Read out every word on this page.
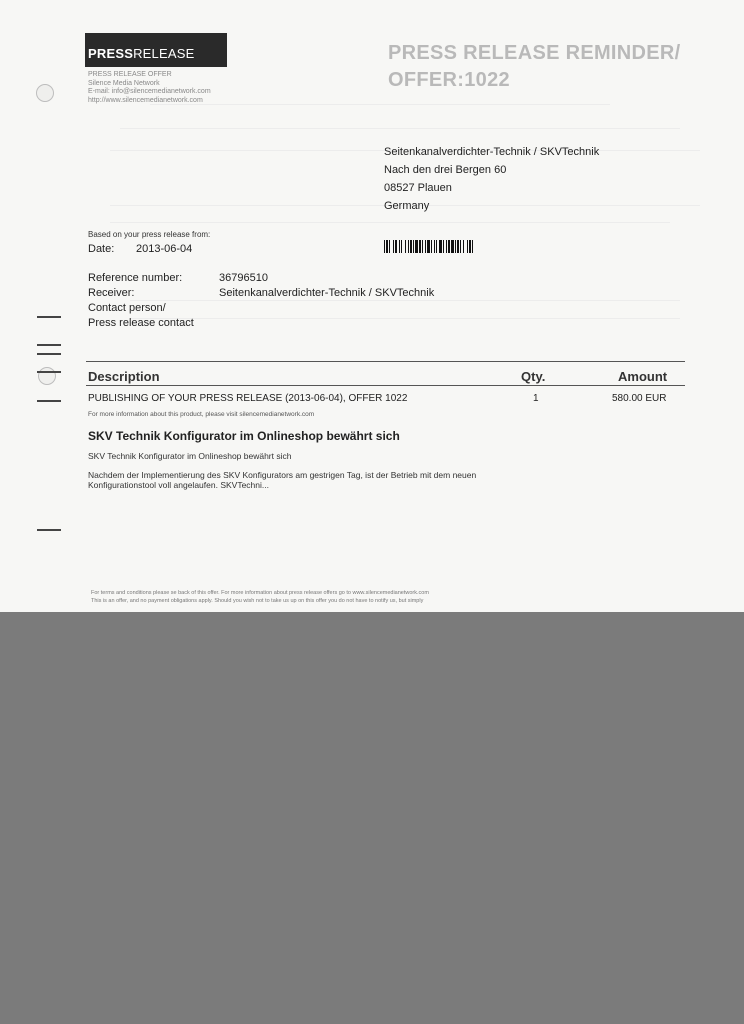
PRESSRELEASE
PRESS RELEASE OFFER
Silence Media Network
E-mail: info@silencemedianetwork.com
http://www.silencemedianetwork.com
PRESS RELEASE REMINDER/
OFFER:1022
Seitenkanalverdichter-Technik / SKVTechnik
Nach den drei Bergen 60
08527 Plauen
Germany
Based on your press release from:
Date: 2013-06-04
Reference number:	36796510
Receiver:	Seitenkanalverdichter-Technik / SKVTechnik
Contact person/
Press release contact
Description	Qty.	Amount
PUBLISHING OF YOUR PRESS RELEASE (2013-06-04), OFFER 1022	1	580.00 EUR
For more information about this product, please visit silencemedianetwork.com
SKV Technik Konfigurator im Onlineshop bewährt sich
SKV Technik Konfigurator im Onlineshop bewährt sich
Nachdem der Implementierung des SKV Konfigurators am gestrigen Tag, ist der Betrieb mit dem neuen Konfigurationstool voll angelaufen. SKVTechni...
For terms and conditions please se back of this offer. For more information about press release offers go to www.silencemedianetwork.com
This is an offer, and no payment obligations apply. Should you wish not to take us up on this offer you do not have to notify us, but simply
